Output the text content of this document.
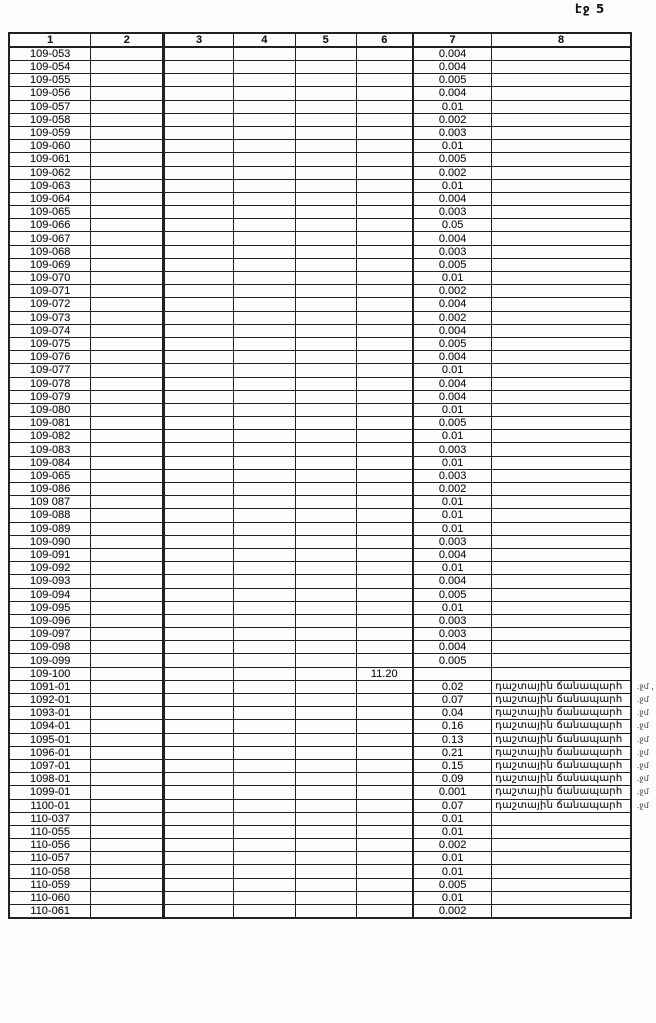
էջ 5
1	2	3	4	5	6	7	8	
109-053						0.004		
109-054						0.004		
109-055						0.005		
109-056						0.004		
109-057						0.01		
109-058						0.002		
109-059						0.003		
109-060						0.01		
109-061						0.005		
109-062						0.002		
109-063						0.01		
109-064						0.004		
109-065						0.003		
109-066						0.05		
109-067						0.004		
109-068						0.003		
109-069						0.005		
109-070						0.01		
109-071						0.002		
109-072						0.004		
109-073						0.002		
109-074						0.004		
109-075						0.005		
109-076						0.004		
109-077						0.01		
109-078						0.004		
109-079						0.004		
109-080						0.01		
109-081						0.005		
109-082						0.01		
109-083						0.003		
109-084						0.01		
109-065						0.003		
109-086						0.002		
109 087						0.01		
109-088						0.01		
109-089						0.01		
109-090						0.003		
109-091						0.004		
109-092						0.01		
109-093						0.004		
109-094						0.005		
109-095						0.01		
109-096						0.003		
109-097						0.003		
109-098						0.004		
109-099						0.005		
109-100					11.20			
1091-01						0.02	դաշտային ճանապարհ	.ջմ ,
1092-01						0.07	դաշտային ճանապարհ	.ջմ
1093-01						0.04	դաշտային ճանապարհ	.ջմ
1094-01						0.16	դաշտային ճանապարհ	.ջմ
1095-01						0.13	դաշտային ճանապարհ	.ջմ
1096-01						0.21	դաշտային ճանապարհ	.ջմ
1097-01						0.15	դաշտային ճանապարհ	.ջմ
1098-01						0.09	դաշտային ճանապարհ	.ջմ
1099-01						0.001	դաշտային ճանապարհ	.ջմ
1100-01						0.07	դաշտային ճանապարհ	.ջմ
110-037						0.01		
110-055						0.01		
110-056						0.002		
110-057						0.01		
110-058						0.01		
110-059						0.005		
110-060						0.01		
110-061						0.002		
